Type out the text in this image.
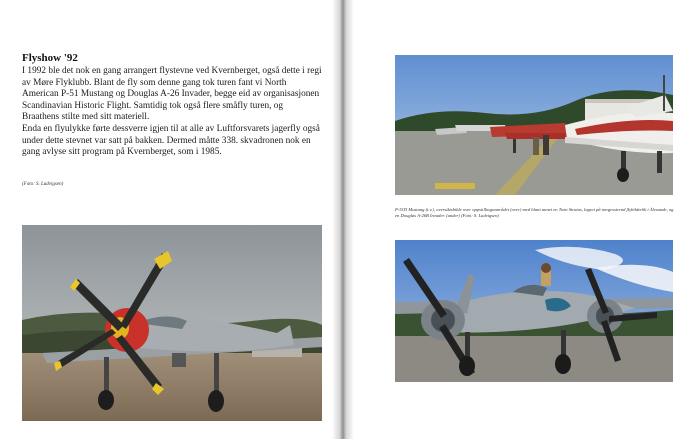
Flyshow '92

I 1992 ble det nok en gang arrangert flystevne ved Kvernberget, også dette i regi av Møre Flyklubb. Blant de fly som denne gang tok turen fant vi North American P-51 Mustang og Douglas A-26 Invader, begge eid av organisasjonen Scandinavian Historic Flight. Samtidig tok også flere småfly turen, og Braathens stilte med sitt materiell.

Enda en flyulykke førte dessverre igjen til at alle av Luftforsvarets jagerfly også under dette stevnet var satt på bakken. Dermed måtte 338. skvadronen nok en gang avlyse sitt program på Kvernberget, som i 1985.

(Foto: S. Ludvigsen)

P-51D Mustang (t.v.), oversiktsbilde over oppstillingsområdet (over) med blant annet en Twin Stratus, lagret på norgesstrend flybilderkk i Ålesunde, og en Douglas A-26B Invader. (under) (Foto: S. Ludvigsen)
